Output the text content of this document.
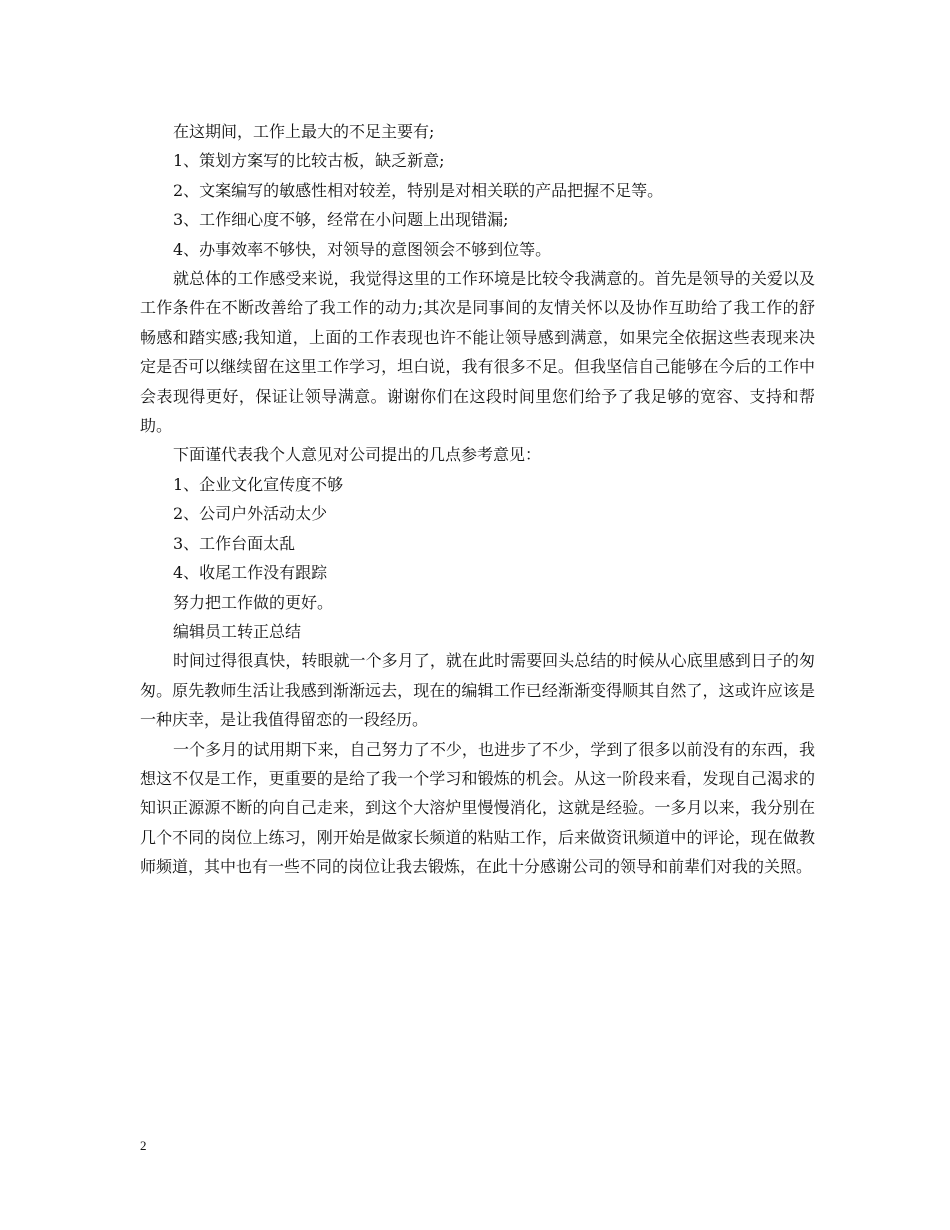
在这期间，工作上最大的不足主要有;

1、策划方案写的比较古板，缺乏新意;

2、文案编写的敏感性相对较差，特别是对相关联的产品把握不足等。

3、工作细心度不够，经常在小问题上出现错漏;

4、办事效率不够快，对领导的意图领会不够到位等。

就总体的工作感受来说，我觉得这里的工作环境是比较令我满意的。首先是领导的关爱以及工作条件在不断改善给了我工作的动力;其次是同事间的友情关怀以及协作互助给了我工作的舒畅感和踏实感;我知道，上面的工作表现也许不能让领导感到满意，如果完全依据这些表现来决定是否可以继续留在这里工作学习，坦白说，我有很多不足。但我坚信自己能够在今后的工作中会表现得更好，保证让领导满意。谢谢你们在这段时间里您们给予了我足够的宽容、支持和帮助。

下面谨代表我个人意见对公司提出的几点参考意见：

1、企业文化宣传度不够

2、公司户外活动太少

3、工作台面太乱

4、收尾工作没有跟踪

努力把工作做的更好。

编辑员工转正总结

时间过得很真快，转眼就一个多月了，就在此时需要回头总结的时候从心底里感到日子的匆匆。原先教师生活让我感到渐渐远去，现在的编辑工作已经渐渐变得顺其自然了，这或许应该是一种庆幸，是让我值得留恋的一段经历。

一个多月的试用期下来，自己努力了不少，也进步了不少，学到了很多以前没有的东西，我想这不仅是工作，更重要的是给了我一个学习和锻炼的机会。从这一阶段来看，发现自己渴求的知识正源源不断的向自己走来，到这个大溶炉里慢慢消化，这就是经验。一多月以来，我分别在几个不同的岗位上练习，刚开始是做家长频道的粘贴工作，后来做资讯频道中的评论，现在做教师频道，其中也有一些不同的岗位让我去锻炼，在此十分感谢公司的领导和前辈们对我的关照。

2
